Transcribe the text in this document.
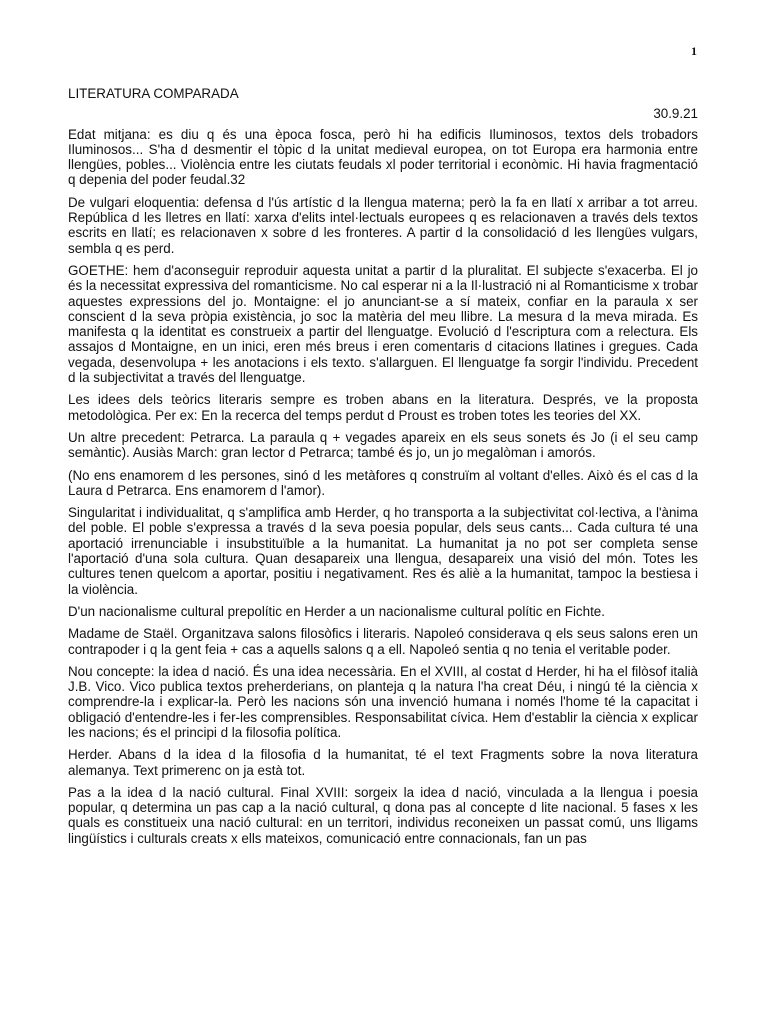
1
LITERATURA COMPARADA
30.9.21

Edat mitjana: es diu q és una època fosca, però hi ha edificis Iluminosos, textos dels trobadors Iluminosos... S'ha d desmentir el tòpic d la unitat medieval europea, on tot Europa era harmonia entre llengües, pobles... Violència entre les ciutats feudals xl poder territorial i econòmic. Hi havia fragmentació q depenia del poder feudal.32

De vulgari eloquentia: defensa d l'ús artístic d la llengua materna; però la fa en llatí x arribar a tot arreu. República d les lletres en llatí: xarxa d'elits intel·lectuals europees q es relacionaven a través dels textos escrits en llatí; es relacionaven x sobre d les fronteres. A partir d la consolidació d les llengües vulgars, sembla q es perd.

GOETHE: hem d'aconseguir reproduir aquesta unitat a partir d la pluralitat. El subjecte s'exacerba. El jo és la necessitat expressiva del romanticisme. No cal esperar ni a la Il·lustració ni al Romanticisme x trobar aquestes expressions del jo. Montaigne: el jo anunciant-se a sí mateix, confiar en la paraula x ser conscient d la seva pròpia existència, jo soc la matèria del meu llibre. La mesura d la meva mirada. Es manifesta q la identitat es construeix a partir del llenguatge. Evolució d l'escriptura com a relectura. Els assajos d Montaigne, en un inici, eren més breus i eren comentaris d citacions llatines i gregues. Cada vegada, desenvolupa + les anotacions i els texto. s'allarguen. El llenguatge fa sorgir l'individu. Precedent d la subjectivitat a través del llenguatge.

Les idees dels teòrics literaris sempre es troben abans en la literatura. Després, ve la proposta metodològica. Per ex: En la recerca del temps perdut d Proust es troben totes les teories del XX.

Un altre precedent: Petrarca. La paraula q + vegades apareix en els seus sonets és Jo (i el seu camp semàntic). Ausiàs March: gran lector d Petrarca; també és jo, un jo megalòman i amorós.

(No ens enamorem d les persones, sinó d les metàfores q construïm al voltant d'elles. Això és el cas d la Laura d Petrarca. Ens enamorem d l'amor).

Singularitat i individualitat, q s'amplifica amb Herder, q ho transporta a la subjectivitat col·lectiva, a l'ànima del poble. El poble s'expressa a través d la seva poesia popular, dels seus cants... Cada cultura té una aportació irrenunciable i insubstituïble a la humanitat. La humanitat ja no pot ser completa sense l'aportació d'una sola cultura. Quan desapareix una llengua, desapareix una visió del món. Totes les cultures tenen quelcom a aportar, positiu i negativament. Res és aliè a la humanitat, tampoc la bestiesa i la violència.

D'un nacionalisme cultural prepolític en Herder a un nacionalisme cultural polític en Fichte.

Madame de Staël. Organitzava salons filosòfics i literaris. Napoleó considerava q els seus salons eren un contrapoder i q la gent feia + cas a aquells salons q a ell. Napoleó sentia q no tenia el veritable poder.

Nou concepte: la idea d nació. És una idea necessària. En el XVIII, al costat d Herder, hi ha el filòsof italià J.B. Vico. Vico publica textos preherderians, on planteja q la natura l'ha creat Déu, i ningú té la ciència x comprendre-la i explicar-la. Però les nacions són una invenció humana i només l'home té la capacitat i obligació d'entendre-les i fer-les comprensibles. Responsabilitat cívica. Hem d'establir la ciència x explicar les nacions; és el principi d la filosofia política.

Herder. Abans d la idea d la filosofia d la humanitat, té el text Fragments sobre la nova literatura alemanya. Text primerenc on ja està tot.

Pas a la idea d la nació cultural. Final XVIII: sorgeix la idea d nació, vinculada a la llengua i poesia popular, q determina un pas cap a la nació cultural, q dona pas al concepte d lite nacional. 5 fases x les quals es constitueix una nació cultural: en un territori, individus reconeixen un passat comú, uns lligams lingüístics i culturals creats x ells mateixos, comunicació entre connacionals, fan un pas
